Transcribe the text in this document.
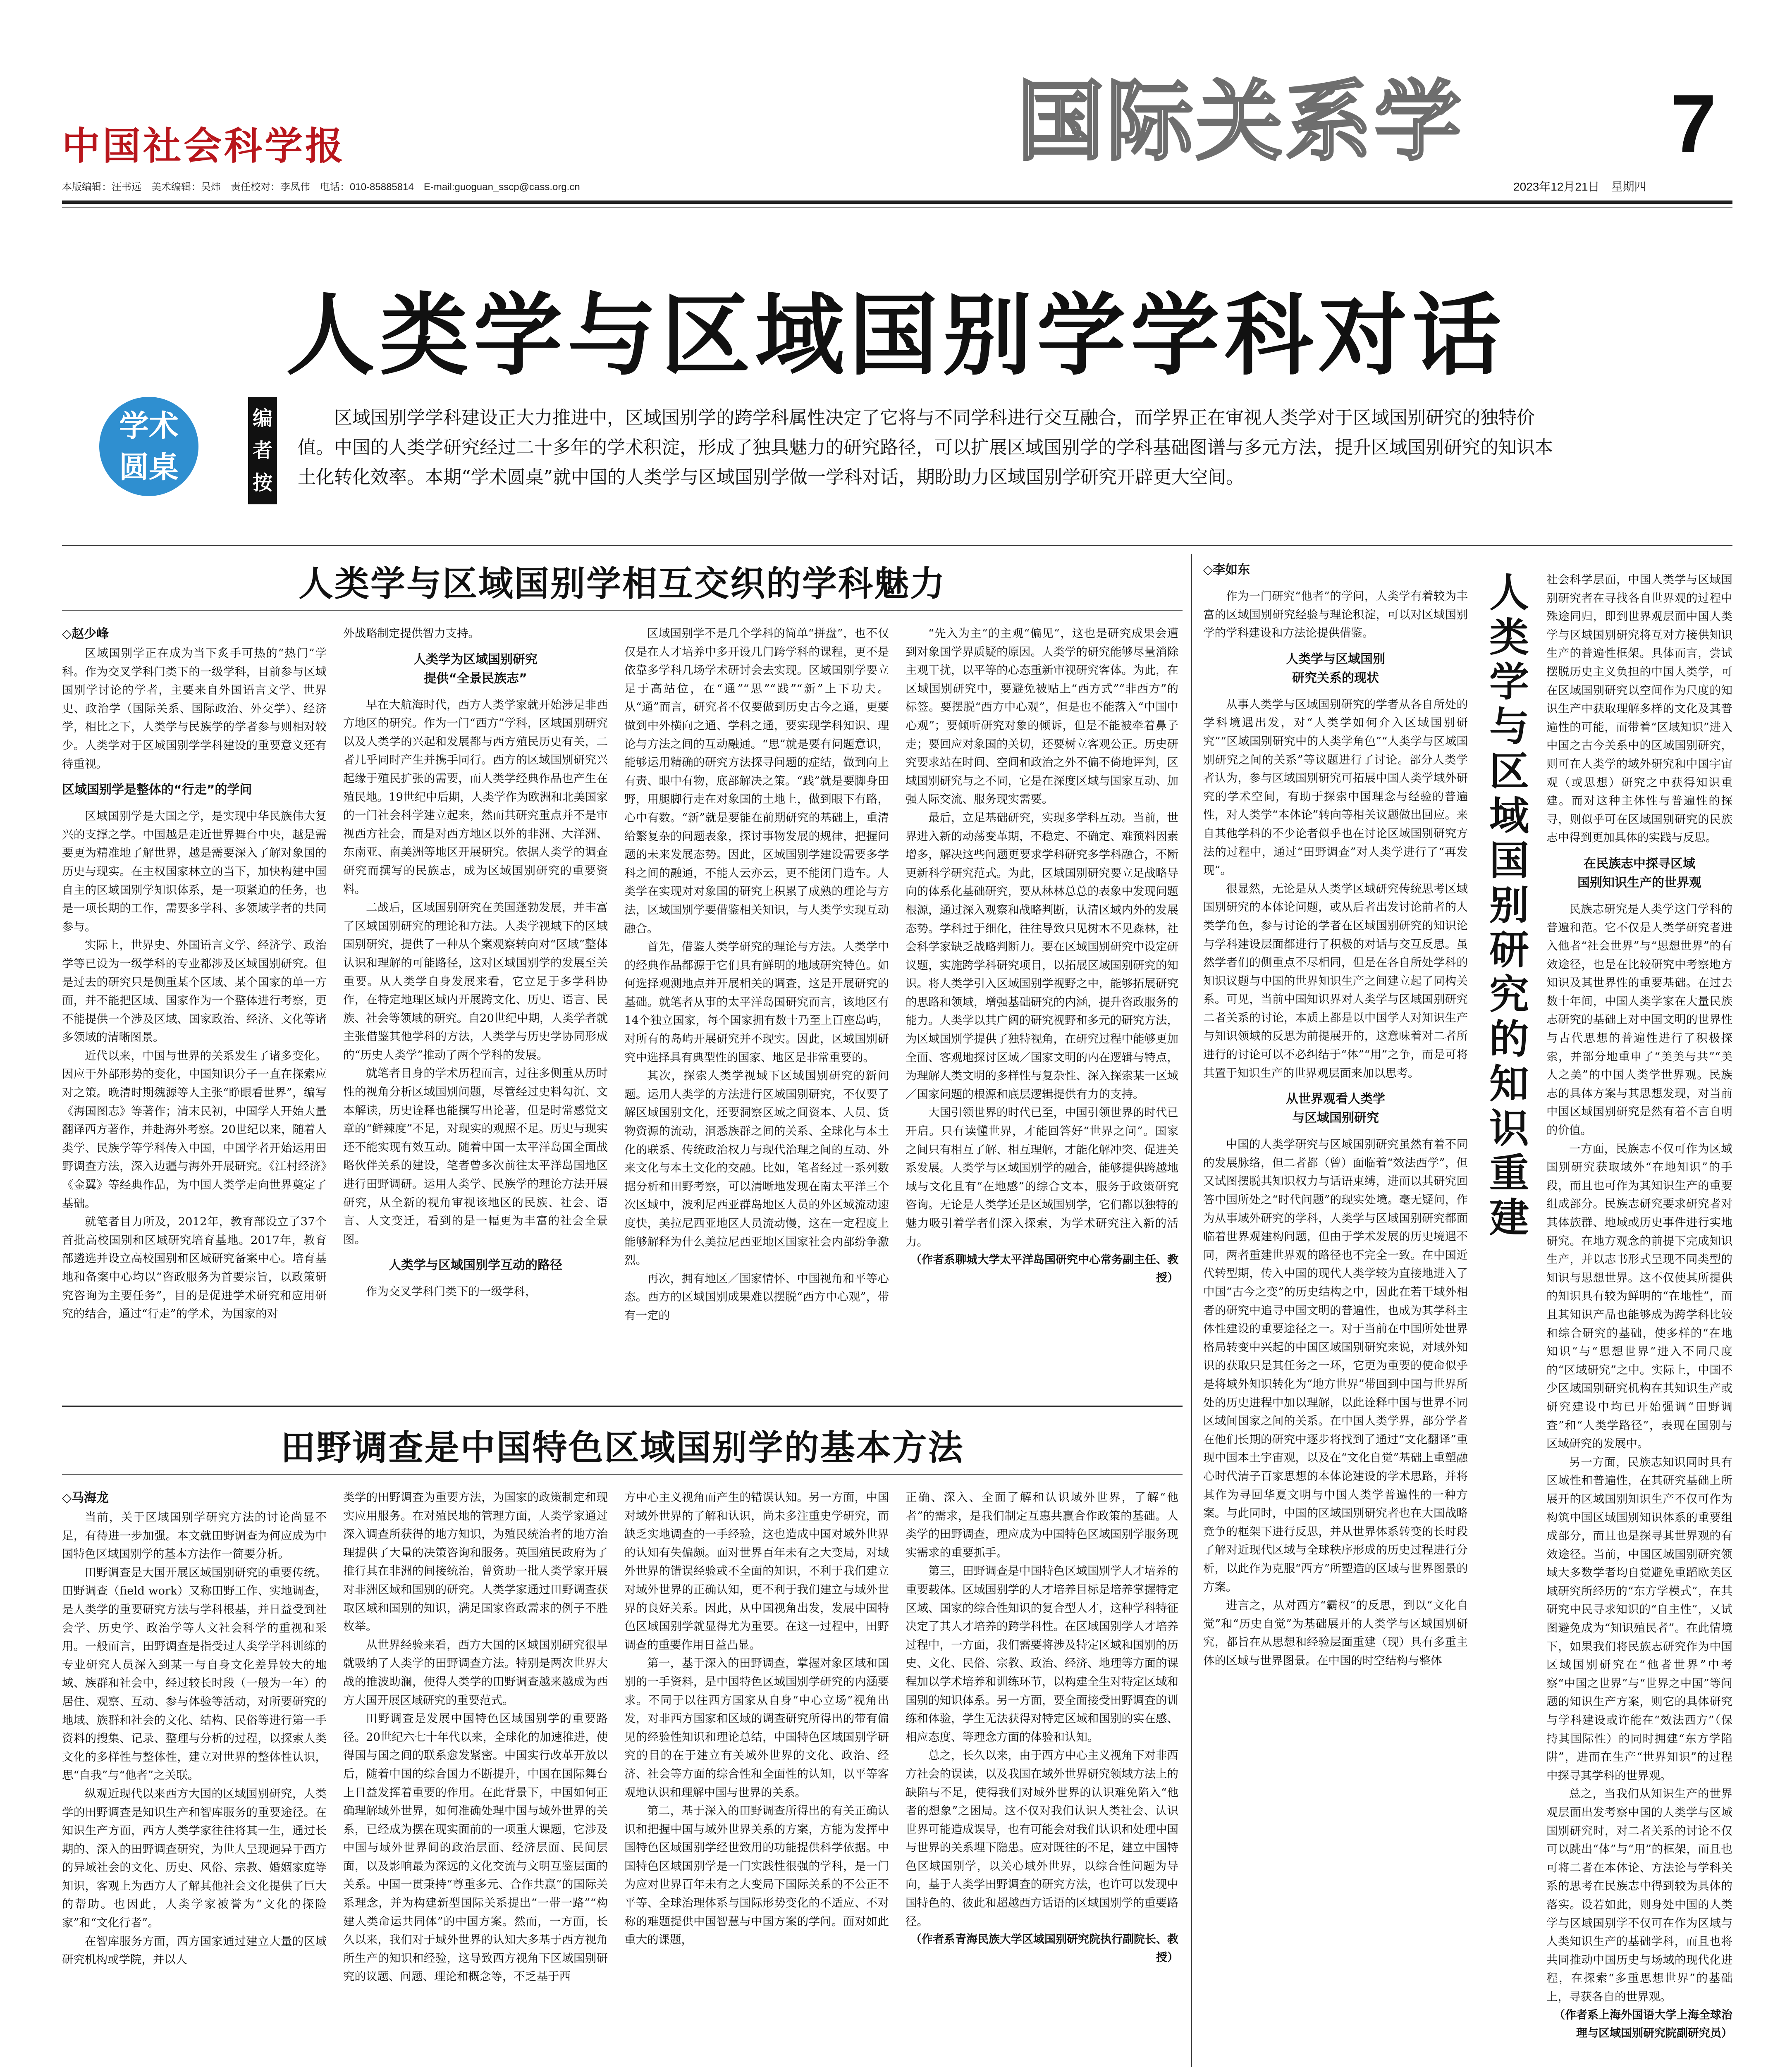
中国社会科学报
本版编辑：汪书远　美术编辑：吴炜　责任校对：李凤伟　电话：010-85885814　E-mail:guoguan_sscp@cass.org.cn
国际关系学 7
2023年12月21日　 星期四
人类学与区域国别学学科对话
学术
圆桌
编
者
按
区域国别学学科建设正大力推进中，区域国别学的跨学科属性决定了它将与不同学科进行交互融合，而学界正在审视人类学对于区域国别研究的独特价值。中国的人类学研究经过二十多年的学术积淀，形成了独具魅力的研究路径，可以扩展区域国别学的学科基础图谱与多元方法，提升区域国别研究的知识本土化转化效率。本期“学术圆桌”就中国的人类学与区域国别学做一学科对话，期盼助力区域国别学研究开辟更大空间。
人类学与区域国别学相互交织的学科魅力
◇赵少峰

区域国别学正在成为当下炙手可热的“热门”学科。作为交叉学科门类下的一级学科，目前参与区域国别学讨论的学者，主要来自外国语言文学、世界史、政治学（国际关系、国际政治、外交学）、经济学，相比之下，人类学与民族学的学者参与则相对较少。人类学对于区域国别学学科建设的重要意义还有待重视。

区域国别学是整体的“行走”的学问

区域国别学是大国之学，是实现中华民族伟大复兴的支撑之学。中国越是走近世界舞台中央，越是需要更为精准地了解世界，越是需要深入了解对象国的历史与现实。在主权国家林立的当下，加快构建中国自主的区域国别学知识体系，是一项紧迫的任务，也是一项长期的工作，需要多学科、多领域学者的共同参与。

实际上，世界史、外国语言文学、经济学、政治学等已设为一级学科的专业都涉及区域国别研究。但是过去的研究只是侧重某个区域、某个国家的单一方面，并不能把区域、国家作为一个整体进行考察，更不能提供一个涉及区域、国家政治、经济、文化等诸多领域的清晰图景。

近代以来，中国与世界的关系发生了诸多变化。因应于外部形势的变化，中国知识分子一直在探索应对之策。晚清时期魏源等人主张“睁眼看世界”，编写《海国图志》等著作；清末民初，中国学人开始大量翻译西方著作，并赴海外考察。20世纪以来，随着人类学、民族学等学科传入中国，中国学者开始运用田野调查方法，深入边疆与海外开展研究。《江村经济》《金翼》等经典作品，为中国人类学走向世界奠定了基础。

就笔者目力所及，2012年，教育部设立了37个首批高校国别和区域研究培育基地。2017年，教育部遴选并设立高校国别和区域研究备案中心。培育基地和备案中心均以“咨政服务为首要宗旨，以政策研究咨询为主要任务”，目的是促进学术研究和应用研究的结合，通过“行走”的学术，为国家的对

外战略制定提供智力支持。

人类学为区域国别研究
提供“全景民族志”

早在大航海时代，西方人类学家就开始涉足非西方地区的研究。作为一门“西方”学科，区域国别研究以及人类学的兴起和发展都与西方殖民历史有关，二者几乎同时产生并携手同行。西方的区域国别研究兴起缘于殖民扩张的需要，而人类学经典作品也产生在殖民地。19世纪中后期，人类学作为欧洲和北美国家的一门社会科学建立起来，然而其研究重点并不是审视西方社会，而是对西方地区以外的非洲、大洋洲、东南亚、南美洲等地区开展研究。依据人类学的调查研究而撰写的民族志，成为区域国别研究的重要资料。

二战后，区域国别研究在美国蓬勃发展，并丰富了区域国别研究的理论和方法。人类学视域下的区域国别研究，提供了一种从个案观察转向对“区域”整体认识和理解的可能路径，这对区域国别学的发展至关重要。从人类学自身发展来看，它立足于多学科协作，在特定地理区域内开展跨文化、历史、语言、民族、社会等领域的研究。自20世纪中期，人类学者就主张借鉴其他学科的方法，人类学与历史学协同形成的“历史人类学”推动了两个学科的发展。

就笔者目身的学术历程而言，过往多侧重从历时性的视角分析区域国别问题，尽管经过史料勾沉、文本解读，历史诠释也能撰写出论著，但是时常感觉文章的“鲜辣度”不足，对现实的观照不足。历史与现实还不能实现有效互动。随着中国一太平洋岛国全面战略伙伴关系的建设，笔者曾多次前往太平洋岛国地区进行田野调研。运用人类学、民族学的理论方法开展研究，从全新的视角审视该地区的民族、社会、语言、人文变迁，看到的是一幅更为丰富的社会全景图。

人类学与区域国别学互动的路径

作为交叉学科门类下的一级学科，

区域国别学不是几个学科的简单“拼盘”，也不仅仅是在人才培养中多开设几门跨学科的课程，更不是依靠多学科几场学术研讨会去实现。区域国别学要立足于高站位，在“通”“思”“践”“新”上下功夫。从“通”而言，研究者不仅要做到历史古今之通，更要做到中外横向之通、学科之通，要实现学科知识、理论与方法之间的互动融通。“思”就是要有问题意识，能够运用精确的研究方法探寻问题的症结，做到向上有责、眼中有物，底部解决之策。“践”就是要脚身田野，用腿脚行走在对象国的土地上，做到眼下有路，心中有数。“新”就是要能在前期研究的基础上，重清给繁复杂的问题表象，探讨事物发展的规律，把握问题的未来发展态势。因此，区域国别学建设需要多学科之间的融通，不能人云亦云，更不能闭门造车。人类学在实现对对象国的研究上积累了成熟的理论与方法，区域国别学要借鉴相关知识，与人类学实现互动融合。

首先，借鉴人类学研究的理论与方法。人类学中的经典作品都源于它们具有鲜明的地域研究特色。如何选择观测地点并开展相关的调查，这是开展研究的基础。就笔者从事的太平洋岛国研究而言，该地区有14个独立国家，每个国家拥有数十乃至上百座岛屿，对所有的岛屿开展研究并不现实。因此，区域国别研究中选择具有典型性的国家、地区是非常重要的。

其次，探索人类学视域下区域国别研究的新问题。运用人类学的方法进行区域国别研究，不仅要了解区域国别文化，还要洞察区域之间资本、人员、货物资源的流动，洞悉族群之间的关系、全球化与本土化的联系、传统政治权力与现代治理之间的互动、外来文化与本土文化的交融。比如，笔者经过一系列数据分析和田野考察，可以清晰地发现在南太平洋三个次区域中，波利尼西亚群岛地区人员的外区域流动速度快，美拉尼西亚地区人员流动慢，这在一定程度上能够解释为什么美拉尼西亚地区国家社会内部纷争激烈。

再次，拥有地区／国家情怀、中国视角和平等心态。西方的区域国别成果难以摆脱“西方中心观”，带有一定的

“先入为主”的主观“偏见”，这也是研究成果会遭到对象国学界质疑的原因。人类学的研究能够尽量消除主观干扰，以平等的心态重新审视研究客体。为此，在区域国别研究中，要避免被贴上“西方式”“非西方”的标签。要摆脱“西方中心观”，但是也不能落入“中国中心观”；要倾听研究对象的倾诉，但是不能被牵着鼻子走；要回应对象国的关切，还要树立客观公正。历史研究要求站在时间、空间和政治之外不偏不倚地评判，区域国别研究与之不同，它是在深度区域与国家互动、加强人际交流、服务现实需要。

最后，立足基础研究，实现多学科互动。当前，世界进入新的动荡变革期，不稳定、不确定、难预料因素增多，解决这些问题更要求学科研究多学科融合，不断更新科学研究范式。为此，区域国别研究要立足战略导向的体系化基础研究，要从林林总总的表象中发现问题根源，通过深入观察和战略判断，认清区域内外的发展态势。学科过于细化，往往导致只见树木不见森林，社会科学家缺乏战略判断力。要在区域国别研究中设定研议题，实施跨学科研究项目，以拓展区域国别研究的知识。将人类学引入区域国别学视野之中，能够拓展研究的思路和领域，增强基础研究的内涵，提升咨政服务的能力。人类学以其广阔的研究视野和多元的研究方法，为区域国别学提供了独特视角，在研究过程中能够更加全面、客观地探讨区域／国家文明的内在逻辑与特点，为理解人类文明的多样性与复杂性、深入探索某一区域／国家问题的根源和底层逻辑提供有力的支持。

大国引领世界的时代已至，中国引领世界的时代已开启。只有读懂世界，才能回答好“世界之问”。国家之间只有相互了解、相互理解，才能化解冲突、促进关系发展。人类学与区域国别学的融合，能够提供跨越地域与文化且有“在地感”的综合文本，服务于政策研究咨询。无论是人类学还是区域国别学，它们都以独特的魅力吸引着学者们深入探索，为学术研究注入新的活力。

（作者系聊城大学太平洋岛国研究中心常务副主任、教授）
田野调查是中国特色区域国别学的基本方法
◇马海龙

当前，关于区域国别学研究方法的讨论尚显不足，有待进一步加强。本文就田野调查为何应成为中国特色区域国别学的基本方法作一简要分析。

田野调查是大国开展区域国别研究的重要传统。田野调查（field work）又称田野工作、实地调查，是人类学的重要研究方法与学科根基，并日益受到社会学、历史学、政治学等人文社会科学的重视和采用。一般而言，田野调查是指受过人类学学科训练的专业研究人员深入到某一与自身文化差异较大的地域、族群和社会中，经过较长时段（一般为一年）的居住、观察、互动、参与体验等活动，对所要研究的地域、族群和社会的文化、结构、民俗等进行第一手资料的搜集、记录、整理与分析的过程，以探索人类文化的多样性与整体性，建立对世界的整体性认识，思“自我”与“他者”之关联。

纵观近现代以来西方大国的区域国别研究，人类学的田野调查是知识生产和智库服务的重要途径。在知识生产方面，西方人类学家往往将其一生，通过长期的、深入的田野调查研究，为世人呈现迥异于西方的异域社会的文化、历史、风俗、宗教、婚姻家庭等知识，客观上为西方人了解其他社会文化提供了巨大的帮助。也因此，人类学家被誉为“文化的探险家”和“文化行者”。

在智库服务方面，西方国家通过建立大量的区域研究机构或学院，并以人

类学的田野调查为重要方法，为国家的政策制定和现实应用服务。在对殖民地的管理方面，人类学家通过深入调查所获得的地方知识，为殖民统治者的地方治理提供了大量的决策咨询和服务。英国殖民政府为了推行其在非洲的间接统治，曾资助一批人类学家开展对非洲区域和国别的研究。人类学家通过田野调查获取区域和国别的知识，满足国家咨政需求的例子不胜枚举。

从世界经验来看，西方大国的区域国别研究很早就吸纳了人类学的田野调查方法。特别是两次世界大战的推波助澜，使得人类学的田野调查越来越成为西方大国开展区域研究的重要范式。

田野调查是发展中国特色区域国别学的重要路径。20世纪六七十年代以来，全球化的加速推进，使得国与国之间的联系愈发紧密。中国实行改革开放以后，随着中国的综合国力不断提升，中国在国际舞台上日益发挥着重要的作用。在此背景下，中国如何正确理解域外世界，如何准确处理中国与域外世界的关系，已经成为摆在现实面前的一项重大课题，它涉及中国与域外世界间的政治层面、经济层面、民间层面，以及影响最为深远的文化交流与文明互鉴层面的关系。中国一贯秉持“尊重多元、合作共赢”的国际关系理念，并为构建新型国际关系提出“一带一路”“构建人类命运共同体”的中国方案。然而，一方面，长久以来，我们对于域外世界的认知大多基于西方视角所生产的知识和经验，这导致西方视角下区域国别研究的议题、问题、理论和概念等，不乏基于西

方中心主义视角而产生的错误认知。另一方面，中国对域外世界的了解和认识，尚未多注重史学研究，而缺乏实地调查的一手经验，这也造成中国对域外世界的认知有失偏颇。面对世界百年未有之大变局，对域外世界的错误经验或不全面的知识，不利于我们建立对域外世界的正确认知，更不利于我们建立与域外世界的良好关系。因此，从中国视角出发，发展中国特色区域国别学就显得尤为重要。在这一过程中，田野调查的重要作用日益凸显。

第一，基于深入的田野调查，掌握对象区域和国别的一手资料，是中国特色区域国别学研究的内涵要求。不同于以往西方国家从自身“中心立场”视角出发，对非西方国家和区域的调查研究所得出的带有偏见的经验性知识和理论总结，中国特色区域国别学研究的目的在于建立有关域外世界的文化、政治、经济、社会等方面的综合性和全面性的认知，以平等客观地认识和理解中国与世界的关系。

第二，基于深入的田野调查所得出的有关正确认识和把握中国与域外世界关系的方案，方能为发挥中国特色区域国别学经世致用的功能提供科学依据。中国特色区域国别学是一门实践性很强的学科，是一门为应对世界百年未有之大变局下国际关系的不公正不平等、全球治理体系与国际形势变化的不适应、不对称的难题提供中国智慧与中国方案的学问。面对如此重大的课题，

正确、深入、全面了解和认识域外世界，了解“他者”的需求，是我们制定互惠共赢合作政策的基础。人类学的田野调查，理应成为中国特色区域国别学服务现实需求的重要抓手。

第三，田野调查是中国特色区域国别学人才培养的重要载体。区域国别学的人才培养目标是培养掌握特定区域、国家的综合性知识的复合型人才，这种学科特征决定了其人才培养的跨学科性。在区域国别学人才培养过程中，一方面，我们需要将涉及特定区域和国别的历史、文化、民俗、宗教、政治、经济、地理等方面的课程加以学术培养和训练环节，以构建全生对特定区域和国别的知识体系。另一方面，要全面接受田野调查的训练和体验，学生无法获得对特定区域和国别的实在感、相应态度、等理念方面的体验和认知。

总之，长久以来，由于西方中心主义视角下对非西方社会的误读，以及我国在域外世界研究领域方法上的缺陷与不足，使得我们对域外世界的认识难免陷入“他者的想象”之困局。这不仅对我们认识人类社会、认识世界可能造成误导，也有可能会对我们认识和处理中国与世界的关系埋下隐患。应对既往的不足，建立中国特色区域国别学，以关心域外世界，以综合性问题为导向，基于人类学田野调查的研究方法，也许可以发现中国特色的、彼此和超越西方话语的区域国别学的重要路径。

（作者系青海民族大学区域国别研究院执行副院长、教授）
◇李如东	人类学与区域国别研究的知识重建

作为一门研究“他者”的学问，人类学有着较为丰富的区域国别研究经验与理论积淀，可以对区域国别学的学科建设和方法论提供借鉴。

人类学与区域国别
研究关系的现状

从事人类学与区域国别研究的学者从各自所处的学科境遇出发，对“人类学如何介入区域国别研究”“区域国别研究中的人类学角色”“人类学与区域国别研究之间的关系”等议题进行了讨论。部分人类学者认为，参与区域国别研究可拓展中国人类学域外研究的学术空间，有助于探索中国理念与经验的普遍性，对人类学“本体论”转向等相关议题做出回应。来自其他学科的不少论者似乎也在讨论区域国别研究方法的过程中，通过“田野调查”对人类学进行了“再发现”。

很显然，无论是从人类学区域研究传统思考区域国别研究的本体论问题，或从后者出发讨论前者的人类学角色，参与讨论的学者在区域国别研究的知识论与学科建设层面都进行了积极的对话与交互反思。虽然学者们的侧重点不尽相同，但是在各自所处学科的知识议题与中国的世界知识生产之间建立起了同构关系。可见，当前中国知识界对人类学与区域国别研究二者关系的讨论，本质上都是以中国学人对知识生产与知识领域的反思为前提展开的，这意味着对二者所进行的讨论可以不必纠结于“体”“用”之争，而是可将其置于知识生产的世界观层面来加以思考。

从世界观看人类学
与区域国别研究

中国的人类学研究与区域国别研究虽然有着不同的发展脉络，但二者都（曾）面临着“效法西学”，但又试图摆脱其知识权力与话语束缚，进而以其研究回答中国所处之“时代问题”的现实处境。毫无疑问，作为从事域外研究的学科，人类学与区域国别研究都面临着世界观建构问题，但由于学术发展的历史境遇不同，两者重建世界观的路径也不完全一致。在中国近代转型期，传入中国的现代人类学较为直接地进入了中国“古今之变”的历史结构之中，因此在若干域外相者的研究中追寻中国文明的普遍性，也成为其学科主体性建设的重要途径之一。对于当前在中国所处世界格局转变中兴起的中国区域国别研究来说，对域外知识的获取只是其任务之一环，它更为重要的使命似乎是将域外知识转化为“地方世界”带回到中国与世界所处的历史进程中加以理解，以此诠释中国与世界不同区域间国家之间的关系。在中国人类学界，部分学者在他们长期的研究中逐步将找到了通过“文化翻译”重现中国本土宇宙观，以及在“文化自觉”基础上重塑融心时代清子百家思想的本体论建设的学术思路，并将其作为寻回华夏文明与中国人类学普遍性的一种方案。与此同时，中国的区域国别研究者也在大国战略竞争的框架下进行反思，并从世界体系转变的长时段了解对近现代区域与全球秩序形成的历史过程进行分析，以此作为克服“西方”所塑造的区域与世界图景的方案。

进言之，从对西方“霸权”的反思，到以“文化自觉”和“历史自觉”为基础展开的人类学与区域国别研究，都旨在从思想和经验层面重建（现）具有多重主体的区域与世界图景。在中国的时空结构与整体

社会科学层面，中国人类学与区域国别研究者在寻找各自世界观的过程中殊途同归，即到世界观层面中国人类学与区域国别研究将互对方接供知识生产的普遍性框架。具体而言，尝试摆脱历史主义负担的中国人类学，可在区域国别研究以空间作为尺度的知识生产中获取理解多样的文化及其普遍性的可能，而带着“区域知识”进入中国之古今关系中的区域国别研究，则可在人类学的域外研究和中国宇宙观（或思想）研究之中获得知识重建。而对这种主体性与普遍性的探寻，则似乎可在区域国别研究的民族志中得到更加具体的实践与反思。

在民族志中探寻区域
国别知识生产的世界观

民族志研究是人类学这门学科的普遍和范。它不仅是人类学研究者进入他者“社会世界”与“思想世界”的有效途径，也是在比较研究中考察地方知识及其世界性的重要基础。在过去数十年间，中国人类学家在大量民族志研究的基础上对中国文明的世界性与古代思想的普遍性进行了积极探索，并部分地重申了“美美与共”“美人之美”的中国人类学世界观。民族志的具体方案与其思想发现，对当前中国区域国别研究是然有着不言自明的价值。

一方面，民族志不仅可作为区域国别研究获取域外“在地知识”的手段，而且也可作为其知识生产的重要组成部分。民族志研究要求研究者对其体族群、地域或历史事件进行实地研究。在地方观念的前提下完成知识生产，并以志书形式呈现不同类型的知识与思想世界。这不仅使其所提供的知识具有较为鲜明的“在地性”，而且其知识产品也能够成为跨学科比较和综合研究的基础，使多样的“在地知识”与“思想世界”进入不同尺度的“区域研究”之中。实际上，中国不少区域国别研究机构在其知识生产或研究建设中均已开始强调“田野调查”和“人类学路径”，表现在国别与区域研究的发展中。

另一方面，民族志知识同时具有区域性和普遍性，在其研究基础上所展开的区域国别知识生产不仅可作为构筑中国区域国别知识体系的重要组成部分，而且也是探寻其世界观的有效途径。当前，中国区域国别研究领域大多数学者均自觉避免重蹈欧美区域研究所经历的“东方学模式”，在其研究中民寻求知识的“自主性”，又试图避免成为“知识殖民者”。在此情境下，如果我们将民族志研究作为中国区域国别研究在“他者世界”中考察“中国之世界”与“世界之中国”等问题的知识生产方案，则它的具体研究与学科建设或许能在“效法西方”（保持其国际性）的同时拥建“东方学陷阱”，进而在生产“世界知识”的过程中探寻其学科的世界观。

总之，当我们从知识生产的世界观层面出发考察中国的人类学与区域国别研究时，对二者关系的讨论不仅可以跳出“体”与“用”的框架，而且也可将二者在本体论、方法论与学科关系的思考在民族志中得到较为具体的落实。设若如此，则身处中国的人类学与区域国别学不仅可在作为区域与人类知识生产的基础学科，而且也将共同推动中国历史与场域的现代化进程，在探索“多重思想世界”的基础上，寻获各自的世界观。

（作者系上海外国语大学上海全球治理与区域国别研究院副研究员）
